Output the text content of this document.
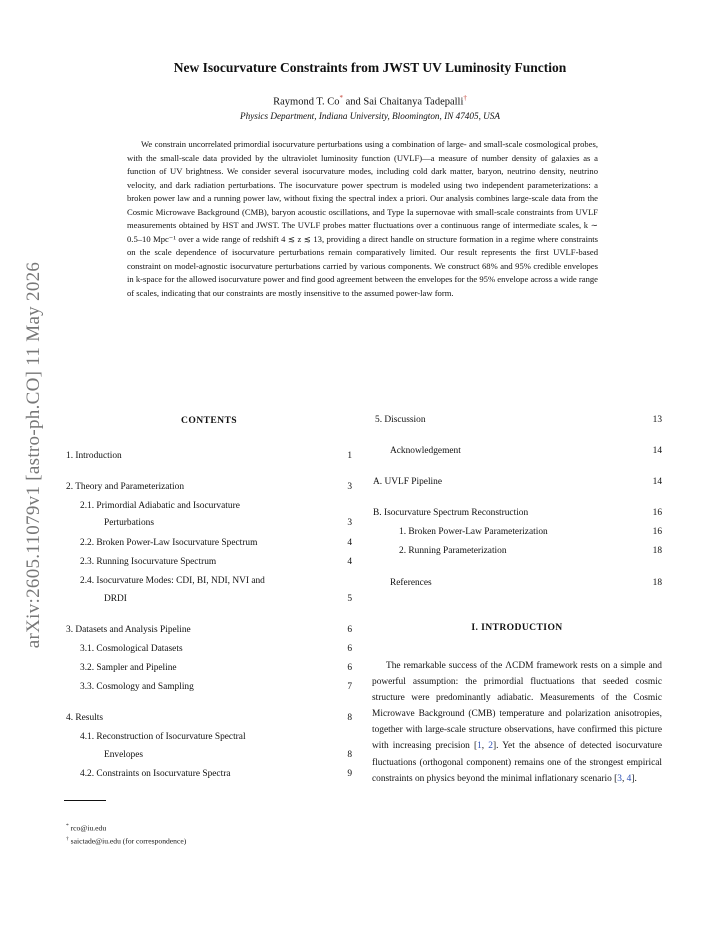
arXiv:2605.11079v1 [astro-ph.CO] 11 May 2026
New Isocurvature Constraints from JWST UV Luminosity Function
Raymond T. Co* and Sai Chaitanya Tadepalli†
Physics Department, Indiana University, Bloomington, IN 47405, USA
We constrain uncorrelated primordial isocurvature perturbations using a combination of large- and small-scale cosmological probes, with the small-scale data provided by the ultraviolet luminosity function (UVLF)—a measure of number density of galaxies as a function of UV brightness. We consider several isocurvature modes, including cold dark matter, baryon, neutrino density, neutrino velocity, and dark radiation perturbations. The isocurvature power spectrum is modeled using two independent parameterizations: a broken power law and a running power law, without fixing the spectral index a priori. Our analysis combines large-scale data from the Cosmic Microwave Background (CMB), baryon acoustic oscillations, and Type Ia supernovae with small-scale constraints from UVLF measurements obtained by HST and JWST. The UVLF probes matter fluctuations over a continuous range of intermediate scales, k ∼ 0.5–10 Mpc⁻¹ over a wide range of redshift 4 ≲ z ≲ 13, providing a direct handle on structure formation in a regime where constraints on the scale dependence of isocurvature perturbations remain comparatively limited. Our result represents the first UVLF-based constraint on model-agnostic isocurvature perturbations carried by various components. We construct 68% and 95% credible envelopes in k-space for the allowed isocurvature power and find good agreement between the envelopes for the 95% envelope across a wide range of scales, indicating that our constraints are mostly insensitive to the assumed power-law form.
CONTENTS
1. Introduction	1
2. Theory and Parameterization	3
2.1. Primordial Adiabatic and Isocurvature
Perturbations	3
2.2. Broken Power-Law Isocurvature Spectrum	4
2.3. Running Isocurvature Spectrum	4
2.4. Isocurvature Modes: CDI, BI, NDI, NVI and
DRDI	5
3. Datasets and Analysis Pipeline	6
3.1. Cosmological Datasets	6
3.2. Sampler and Pipeline	6
3.3. Cosmology and Sampling	7
4. Results	8
4.1. Reconstruction of Isocurvature Spectral
Envelopes	8
4.2. Constraints on Isocurvature Spectra	9
5. Discussion	13
Acknowledgement	14
A. UVLF Pipeline	14
B. Isocurvature Spectrum Reconstruction	16
1. Broken Power-Law Parameterization	16
2. Running Parameterization	18
References	18
* rco@iu.edu
† saictade@iu.edu (for correspondence)
I. INTRODUCTION
The remarkable success of the ΛCDM framework rests on a simple and powerful assumption: the primordial fluctuations that seeded cosmic structure were predominantly adiabatic. Measurements of the Cosmic Microwave Background (CMB) temperature and polarization anisotropies, together with large-scale structure observations, have confirmed this picture with increasing precision [1, 2]. Yet the absence of detected isocurvature fluctuations (orthogonal component) remains one of the strongest empirical constraints on physics beyond the minimal inflationary scenario [3, 4].
